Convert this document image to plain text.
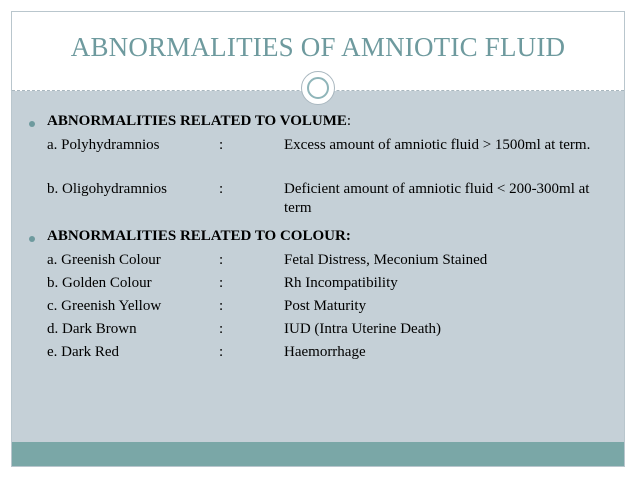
ABNORMALITIES OF AMNIOTIC FLUID
ABNORMALITIES RELATED TO VOLUME:
a. Polyhydramnios	:	Excess amount of amniotic fluid > 1500ml at term.
b. Oligohydramnios	:	Deficient amount of amniotic fluid < 200-300ml at term
ABNORMALITIES RELATED TO COLOUR:
a. Greenish Colour	:	Fetal Distress, Meconium Stained
b. Golden Colour	:	Rh Incompatibility
c. Greenish Yellow	:	Post Maturity
d. Dark Brown	:	IUD (Intra Uterine Death)
e. Dark Red	:	Haemorrhage
